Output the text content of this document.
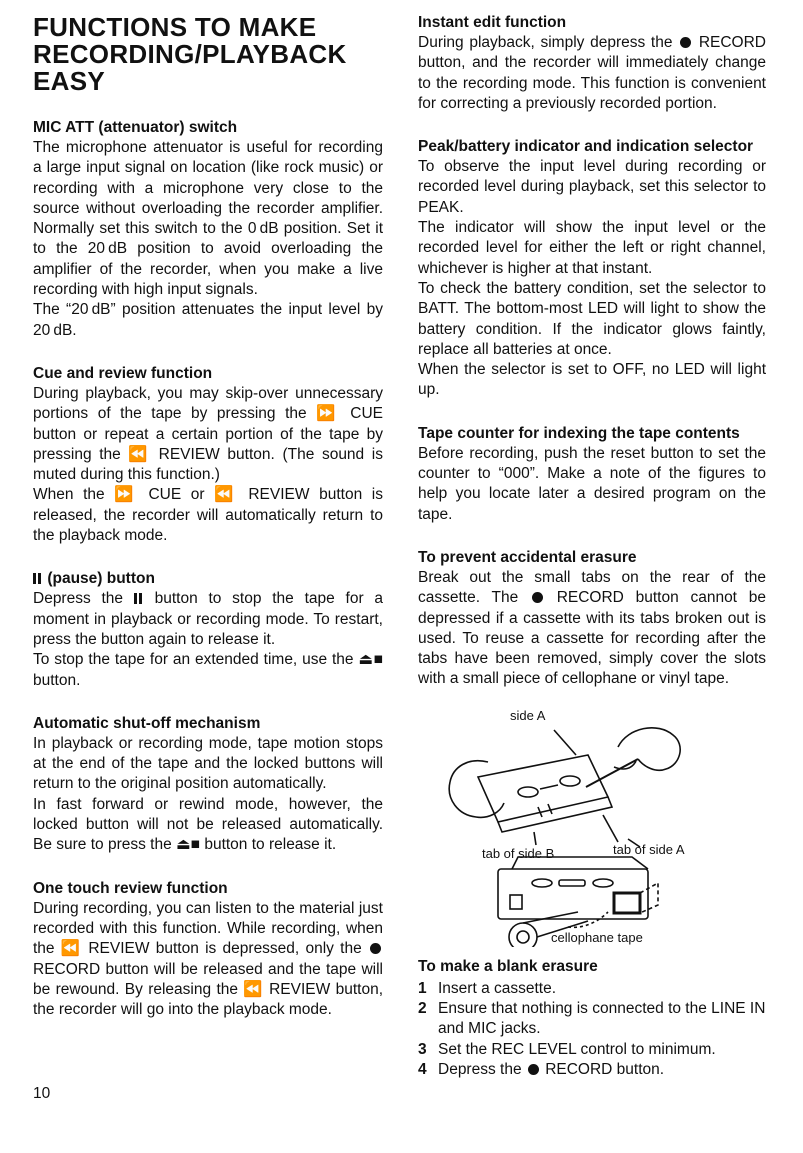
FUNCTIONS TO MAKE RECORDING/PLAYBACK EASY
MIC ATT (attenuator) switch

The microphone attenuator is useful for recording a large input signal on location (like rock music) or recording with a microphone very close to the source without overloading the recorder amplifier. Normally set this switch to the 0 dB position. Set it to the 20 dB position to avoid overloading the amplifier of the recorder, when you make a live recording with high input signals.

The “20 dB” position attenuates the input level by 20 dB.

Cue and review function

During playback, you may skip-over unnecessary portions of the tape by pressing the ⏩ CUE button or repeat a certain portion of the tape by pressing the ⏪ REVIEW button. (The sound is muted during this function.)

When the ⏩ CUE or ⏪ REVIEW button is released, the recorder will automatically return to the playback mode.

(pause) button

Depress the  button to stop the tape for a moment in playback or recording mode. To restart, press the button again to release it.

To stop the tape for an extended time, use the ⏏■ button.

Automatic shut-off mechanism

In playback or recording mode, tape motion stops at the end of the tape and the locked buttons will return to the original position automatically.

In fast forward or rewind mode, however, the locked button will not be released automatically. Be sure to press the ⏏■ button to release it.

One touch review function

During recording, you can listen to the material just recorded with this function. While recording, when the ⏪ REVIEW button is depressed, only the  RECORD button will be released and the tape will be rewound. By releasing the ⏪ REVIEW button, the recorder will go into the playback mode.

Instant edit function

During playback, simply depress the  RECORD button, and the recorder will immediately change to the recording mode. This function is convenient for correcting a previously recorded portion.

Peak/battery indicator and indication selector

To observe the input level during recording or recorded level during playback, set this selector to PEAK.

The indicator will show the input level or the recorded level for either the left or right channel, whichever is higher at that instant.

To check the battery condition, set the selector to BATT. The bottom-most LED will light to show the battery condition. If the indicator glows faintly, replace all batteries at once.

When the selector is set to OFF, no LED will light up.

Tape counter for indexing the tape contents

Before recording, push the reset button to set the counter to “000”. Make a note of the figures to help you locate later a desired program on the tape.

To prevent accidental erasure

Break out the small tabs on the rear of the cassette. The  RECORD button cannot be depressed if a cassette with its tabs broken out is used. To reuse a cassette for recording after the tabs have been removed, simply cover the slots with a small piece of cellophane or vinyl tape.

side A
tab of side B	tab of side A
cellophane tape
To make a blank erasure
1 Insert a cassette.
2 Ensure that nothing is connected to the LINE IN and MIC jacks.
3 Set the REC LEVEL control to minimum.
4 Depress the  RECORD button.
10
